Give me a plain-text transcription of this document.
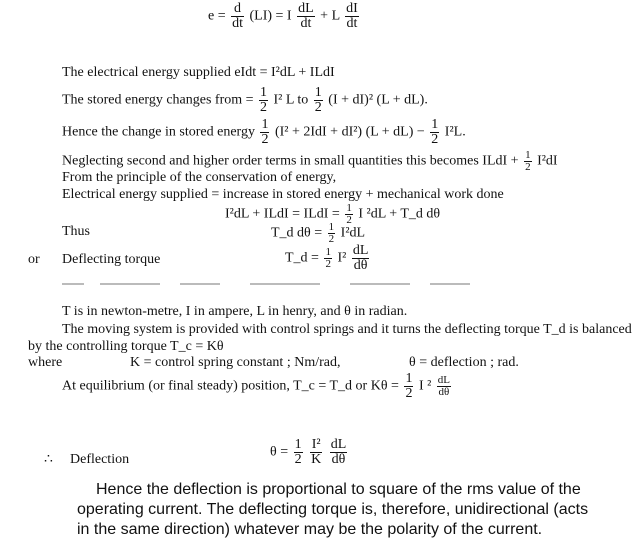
$e = \frac{d}{dt} (LI) = I \frac{dL}{dt} + L \frac{dI}{dt}$
The electrical energy supplied eIdt = I²dL + ILdI
The stored energy changes from = $\frac{1}{2} I^2$ L to $\frac{1}{2} (I + dI)^2$ (L + dL).
Hence the change in stored energy $\frac{1}{2} (I^2 + 2IdI + dI^2) (L + dL) - \frac{1}{2} I^2L$.
Neglecting second and higher order terms in small quantities this becomes ILdI + $\frac{1}{2} I^2dI$
From the principle of the conservation of energy,
Electrical energy supplied = increase in stored energy + mechanical work done
I²dL + ILdI = ILdI = $\frac{1}{2}$ I ²dL + T_d dθ
Thus	T_d $d\theta = \frac{1}{2} I^2dL$
or Deflecting torque	T_d = $\frac{1}{2} I^2 \frac{dL}{d\theta}$
T is in newton-metre, I in ampere, L in henry, and θ in radian.
The moving system is provided with control springs and it turns the deflecting torque T_d is balanced
by the controlling torque T_c = Kθ
where	K = control spring constant ; Nm/rad,	θ = deflection ; rad.
At equilibrium (or final steady) position, T_c = T_d or $K\theta = \frac{1}{2}$ I $^2 \frac{dL}{d\theta}$
∴ Deflection	$\theta = \frac{1}{2}$
$\frac{\text{I²}}{K}$
$\frac{dL}{d\theta}$
Hence the deflection is proportional to square of the rms value of the
operating current. The deflecting torque is, therefore, unidirectional (acts
in the same direction) whatever may be the polarity of the current.
